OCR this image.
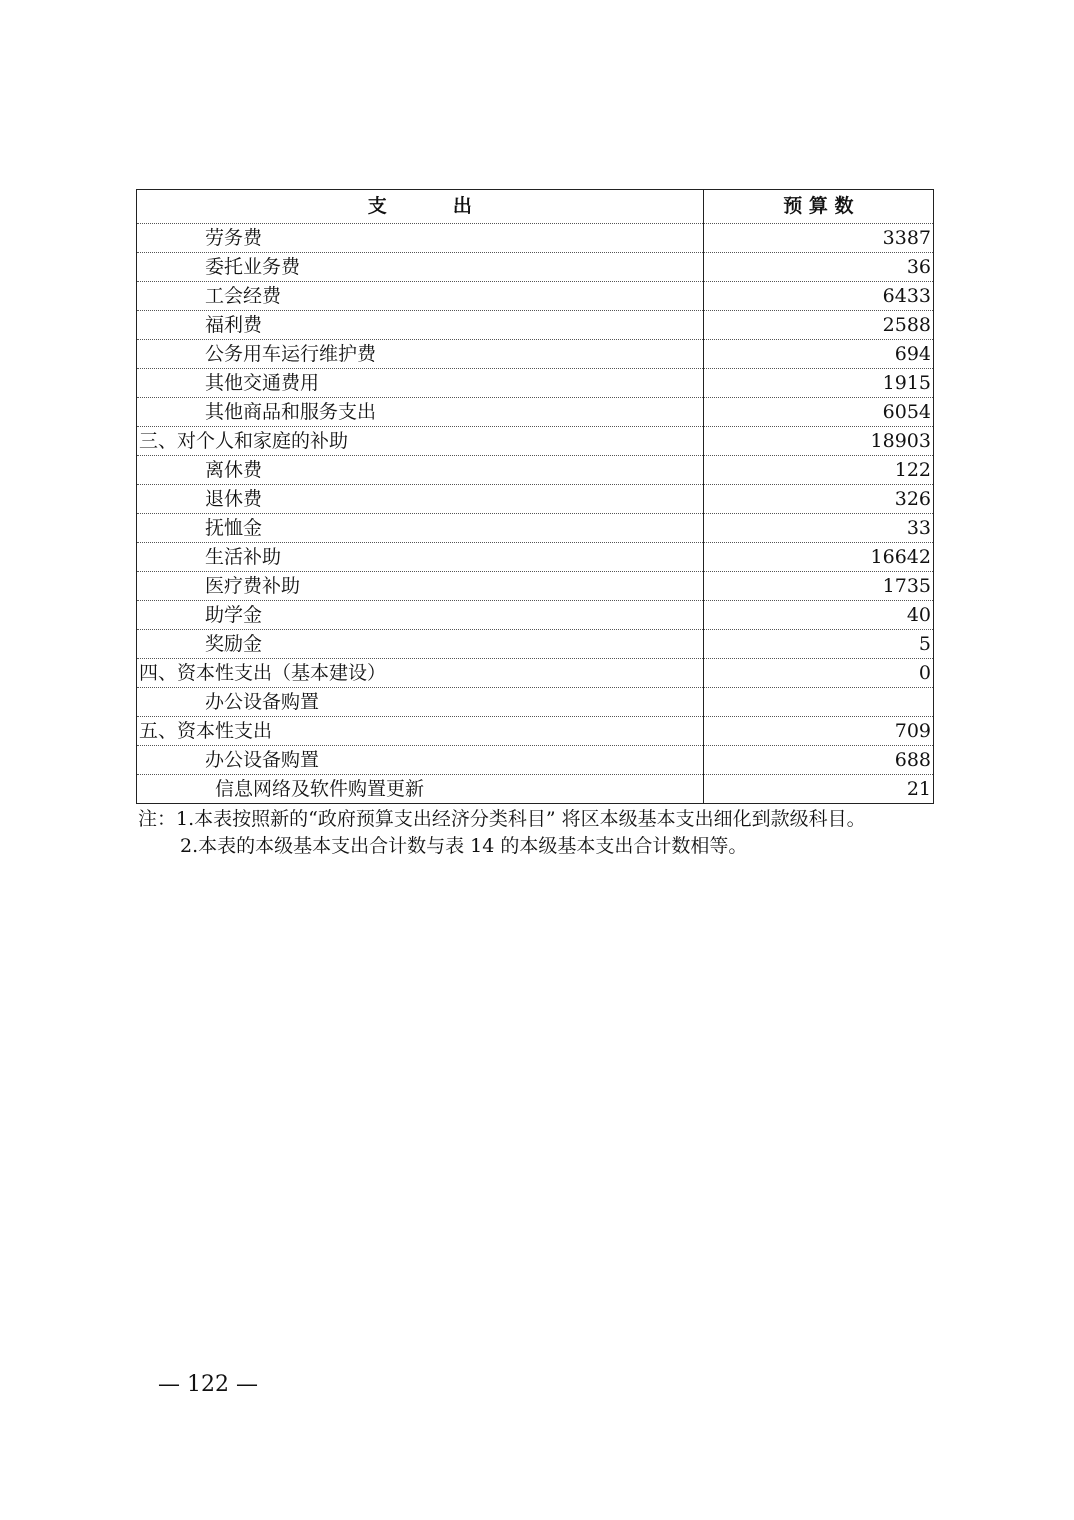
支          出	预 算 数
劳务费	3387
委托业务费	36
工会经费	6433
福利费	2588
公务用车运行维护费	694
其他交通费用	1915
其他商品和服务支出	6054
三、对个人和家庭的补助	18903
离休费	122
退休费	326
抚恤金	33
生活补助	16642
医疗费补助	1735
助学金	40
奖励金	5
四、资本性支出（基本建设）	0
办公设备购置	
五、资本性支出	709
办公设备购置	688
信息网络及软件购置更新	21

注：1.本表按照新的“政府预算支出经济分类科目” 将区本级基本支出细化到款级科目。

2.本表的本级基本支出合计数与表 14 的本级基本支出合计数相等。

— 122 —
